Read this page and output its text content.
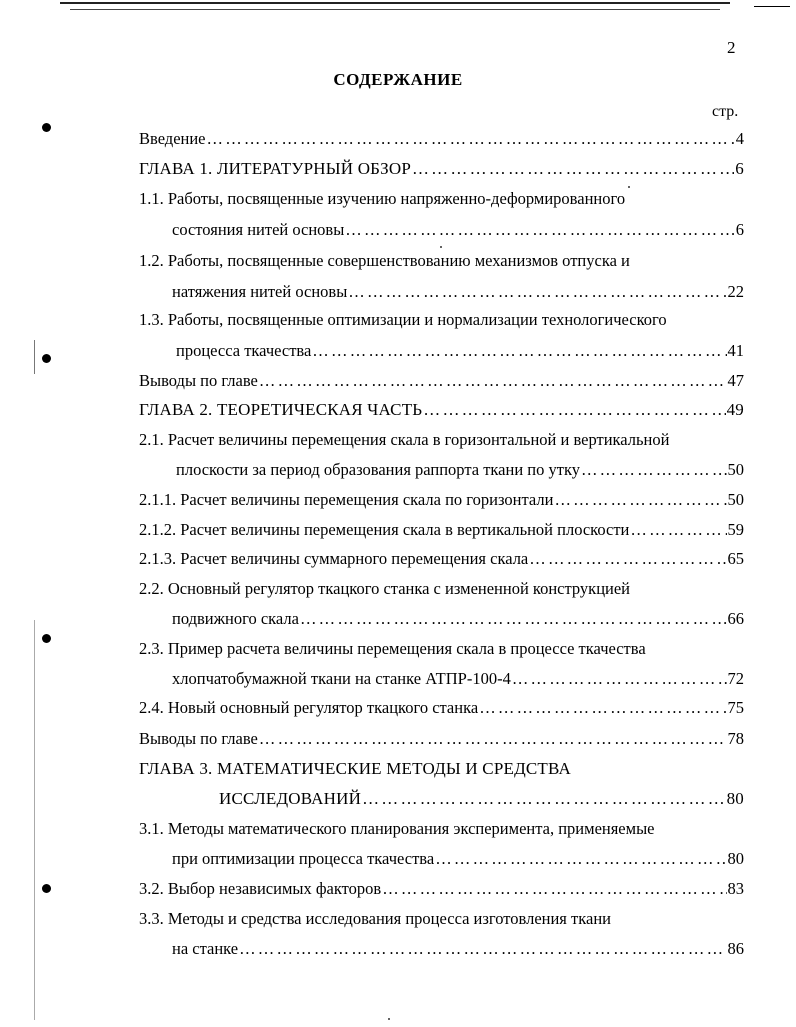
2
СОДЕРЖАНИЕ
стр.
Введение …………………………………………………………………………………………………………………………………………………………………………………	4
ГЛАВА 1. ЛИТЕРАТУРНЫЙ ОБЗОР …………………………………………………………………………………………………………………………………………………………………………………	6
1.1. Работы, посвященные изучению напряженно-деформированного
состояния нитей основы …………………………………………………………………………………………………………………………………………………………………………………	6
1.2. Работы, посвященные совершенствованию механизмов отпуска и
натяжения нитей основы …………………………………………………………………………………………………………………………………………………………………………………	22
1.3. Работы, посвященные оптимизации и нормализации технологического
процесса ткачества …………………………………………………………………………………………………………………………………………………………………………………	41
Выводы по главе …………………………………………………………………………………………………………………………………………………………………………………	47
ГЛАВА 2. ТЕОРЕТИЧЕСКАЯ ЧАСТЬ …………………………………………………………………………………………………………………………………………………………………………………	49
2.1. Расчет величины перемещения скала в горизонтальной и вертикальной
плоскости за период образования раппорта ткани по утку …………………………………………………………………………………………………………………………………………………………………………………	50
2.1.1. Расчет величины перемещения скала по горизонтали …………………………………………………………………………………………………………………………………………………………………………………	50
2.1.2. Расчет величины перемещения скала в вертикальной плоскости …………………………………………………………………………………………………………………………………………………………………………………	59
2.1.3. Расчет величины суммарного перемещения скала …………………………………………………………………………………………………………………………………………………………………………………	65
2.2. Основный регулятор ткацкого станка с измененной конструкцией
подвижного скала …………………………………………………………………………………………………………………………………………………………………………………	66
2.3. Пример расчета величины перемещения скала в процессе ткачества
хлопчатобумажной ткани на станке АТПР-100-4 …………………………………………………………………………………………………………………………………………………………………………………	72
2.4. Новый основный регулятор ткацкого станка …………………………………………………………………………………………………………………………………………………………………………………	75
Выводы по главе …………………………………………………………………………………………………………………………………………………………………………………	78
ГЛАВА 3. МАТЕМАТИЧЕСКИЕ МЕТОДЫ И СРЕДСТВА
ИССЛЕДОВАНИЙ …………………………………………………………………………………………………………………………………………………………………………………	80
3.1. Методы математического планирования эксперимента, применяемые
при оптимизации процесса ткачества …………………………………………………………………………………………………………………………………………………………………………………	80
3.2. Выбор независимых факторов …………………………………………………………………………………………………………………………………………………………………………………	83
3.3. Методы и средства исследования процесса изготовления ткани
на станке …………………………………………………………………………………………………………………………………………………………………………………	86
